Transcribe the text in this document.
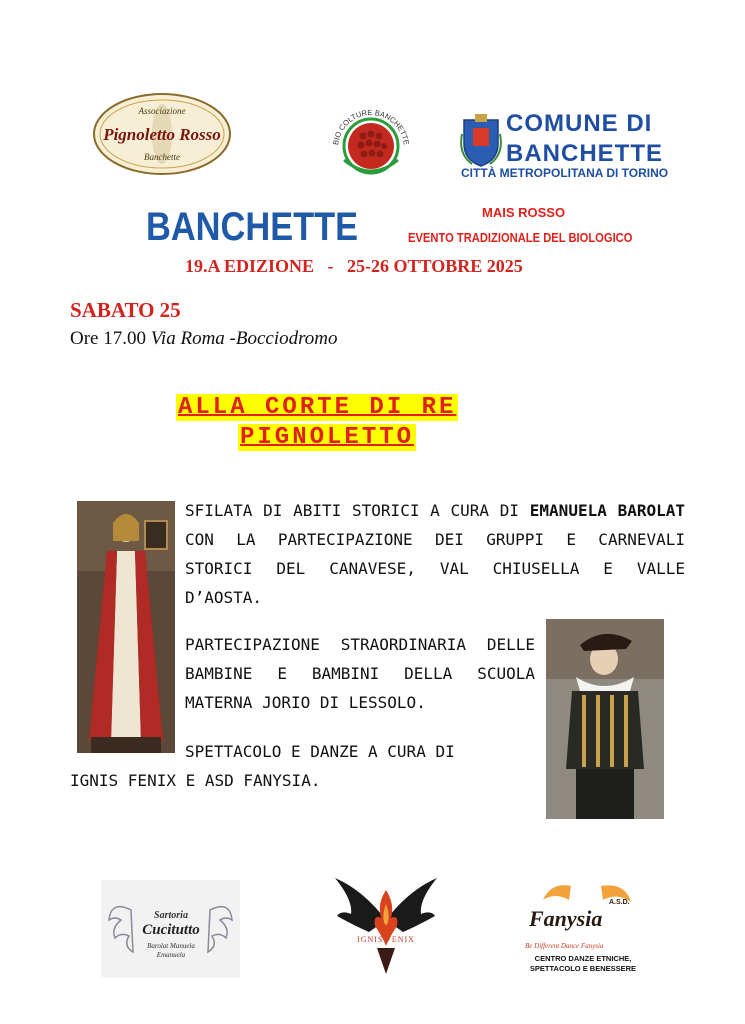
Associazione
Pignoletto Rosso
Banchette
BIO COLTURE BANCHETTE
COMUNE DI
BANCHETTE
CITTÀ METROPOLITANA DI TORINO
BANCHETTE	MAIS ROSSO
EVENTO TRADIZIONALE DEL BIOLOGICO
19.A EDIZIONE   -   25-26 OTTOBRE 2025
SABATO 25
Ore 17.00 Via Roma -Bocciodromo
ALLA CORTE DI RE
PIGNOLETTO
SFILATA DI ABITI STORICI A CURA DI EMANUELA BAROLAT CON LA PARTECIPAZIONE DEI GRUPPI E CARNEVALI STORICI DEL CANAVESE, VAL CHIUSELLA E VALLE D’AOSTA.
PARTECIPAZIONE STRAORDINARIA DELLE BAMBINE E BAMBINI DELLA SCUOLA MATERNA JORIO DI LESSOLO.
SPETTACOLO E DANZE A CURA DI
IGNIS FENIX E ASD FANYSIA.
Sartoria
Cucitutto
Barolat Manuela
Emanuela
IGNIS FENIX
Fanysia
A.S.D.
Be Different Dance Fanysia
CENTRO DANZE ETNICHE,
SPETTACOLO E BENESSERE
